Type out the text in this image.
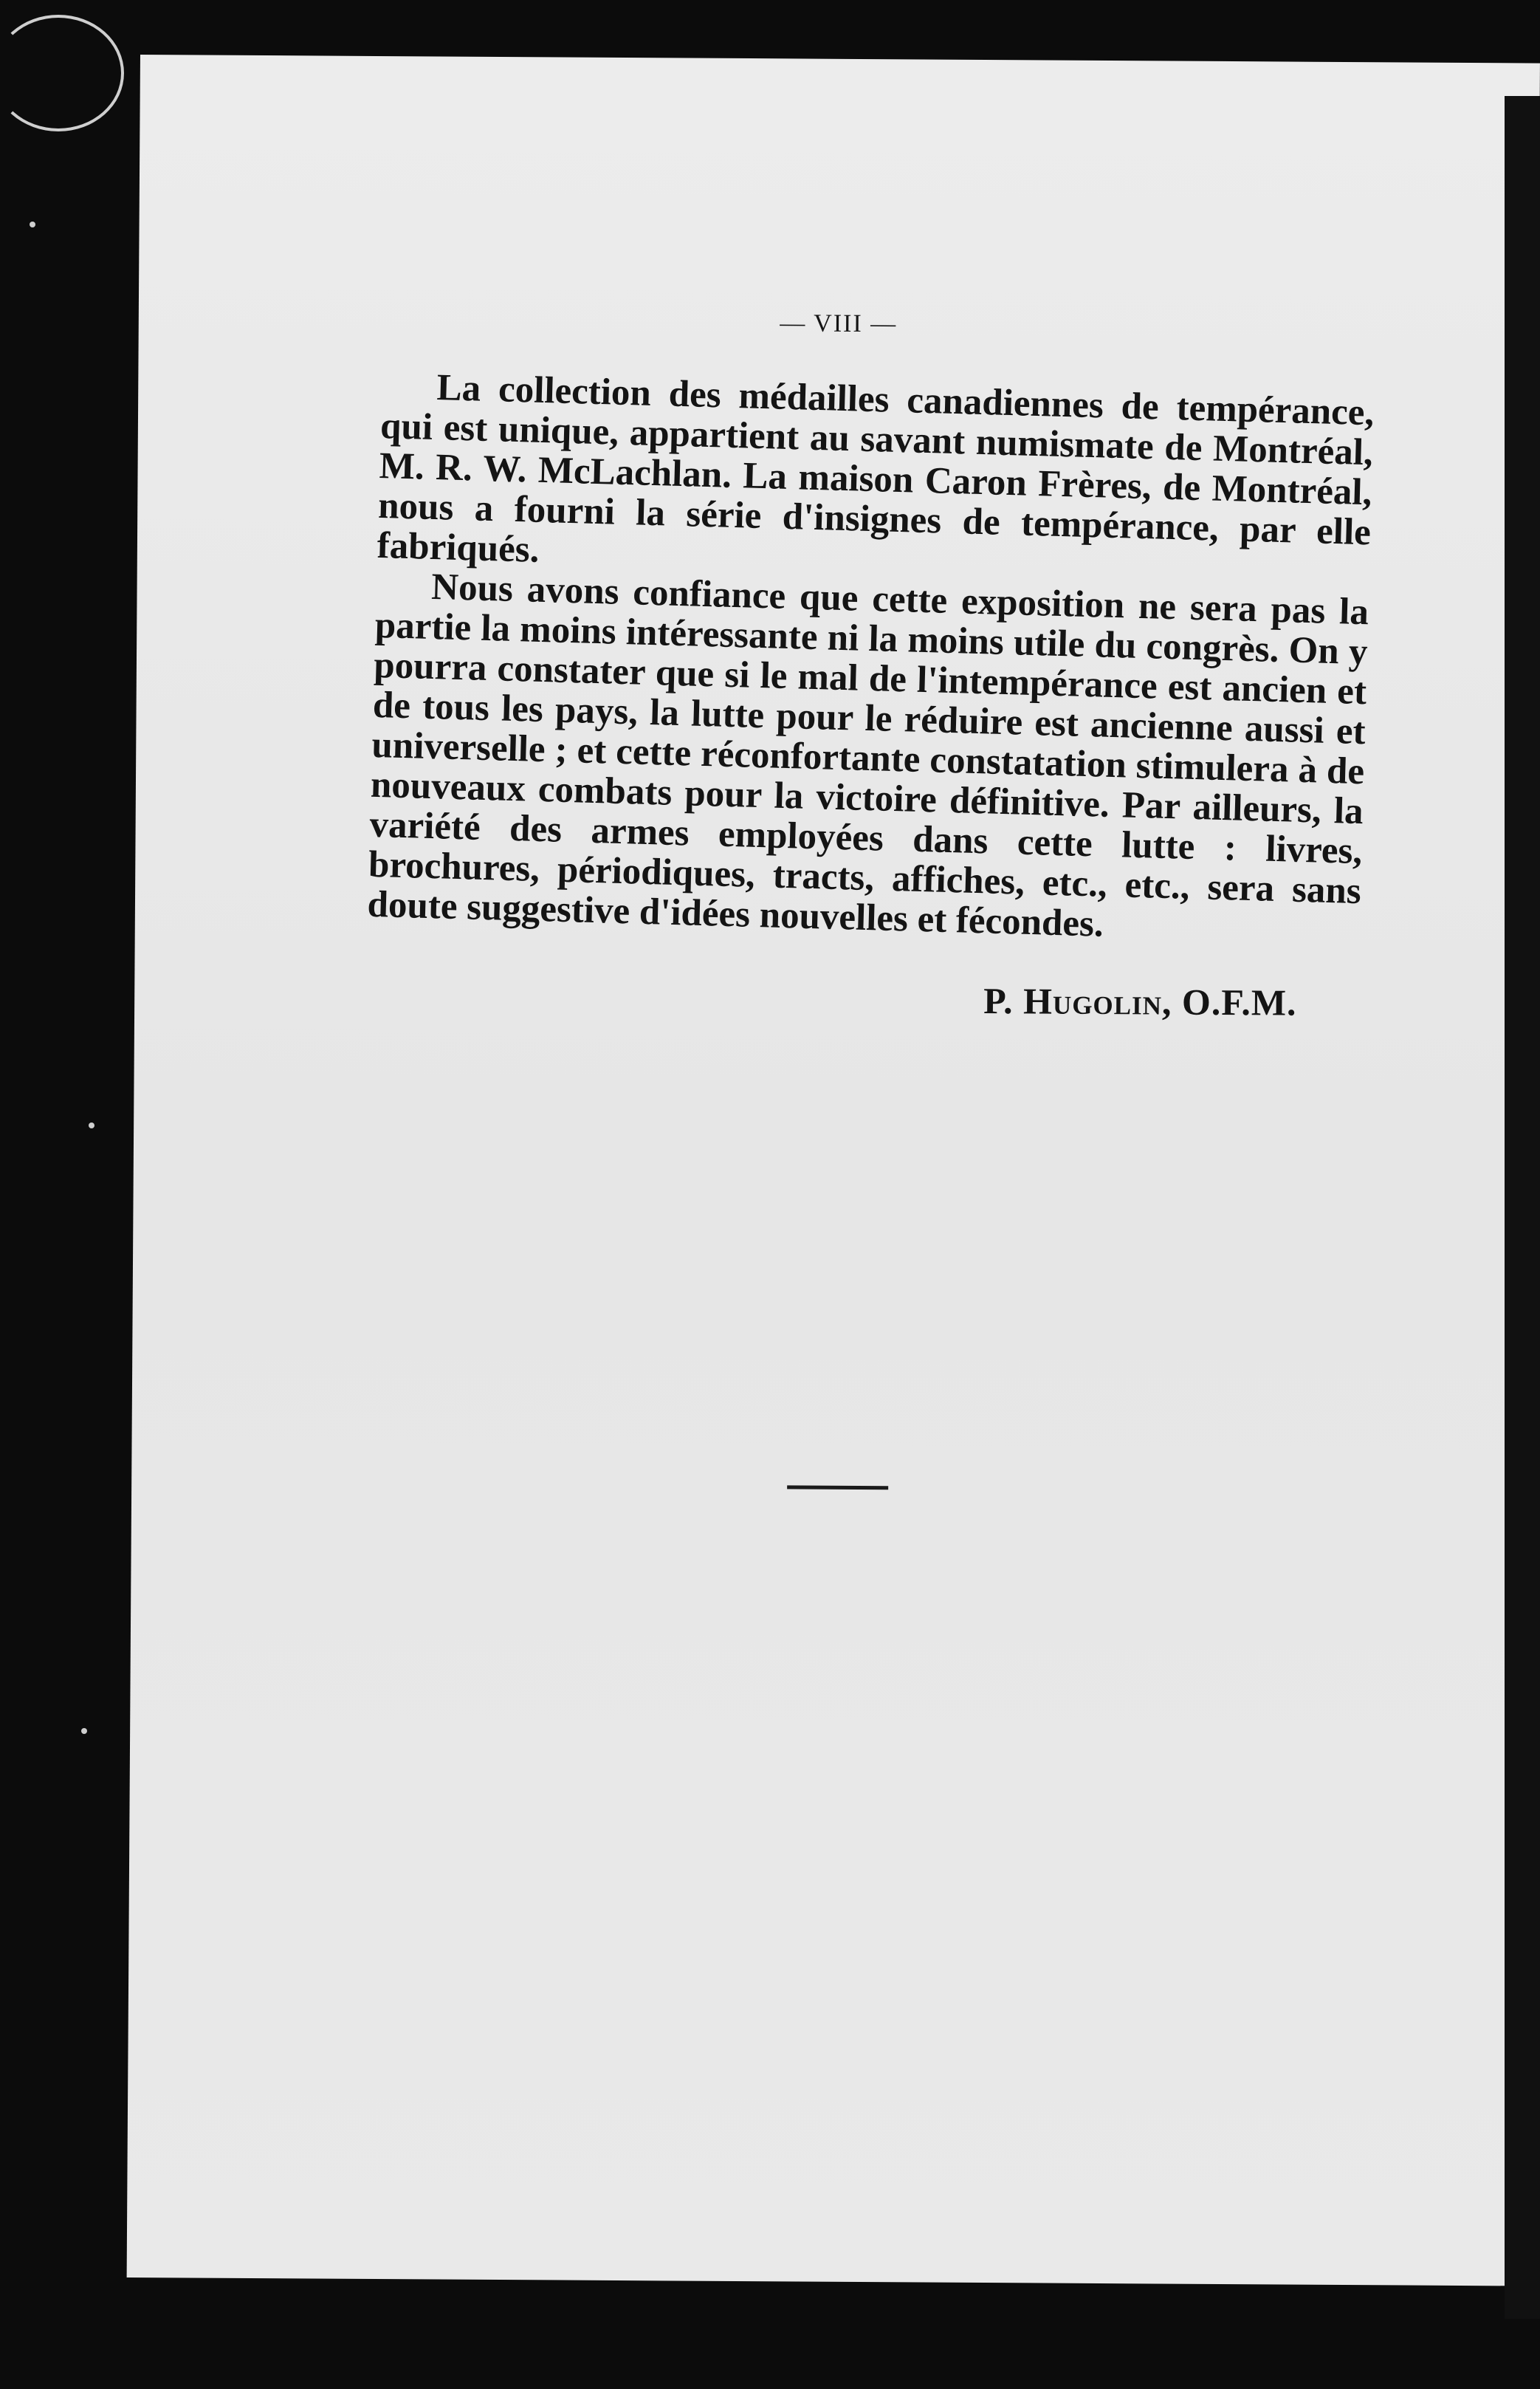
— VIII —

La collection des médailles canadiennes de tempérance, qui est unique, appartient au savant numismate de Montréal, M. R. W. McLachlan. La maison Caron Frères, de Montréal, nous a fourni la série d'insignes de tempérance, par elle fabriqués.

Nous avons confiance que cette exposition ne sera pas la partie la moins intéressante ni la moins utile du congrès. On y pourra constater que si le mal de l'intempérance est ancien et de tous les pays, la lutte pour le réduire est ancienne aussi et universelle ; et cette réconfortante constatation stimulera à de nouveaux combats pour la victoire définitive. Par ailleurs, la variété des armes employées dans cette lutte : livres, brochures, périodiques, tracts, affiches, etc., etc., sera sans doute suggestive d'idées nouvelles et fécondes.

P. Hugolin, O.F.M.
